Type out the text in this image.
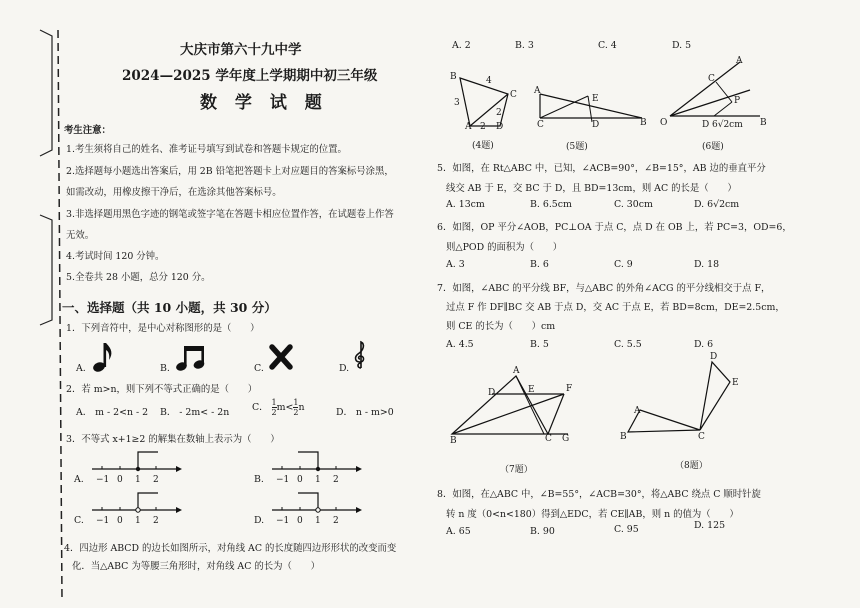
大庆市第六十九中学
2024—2025 学年度上学期期中初三年级
数 学 试 题
考生注意：
1.考生须将自己的姓名、准考证号填写到试卷和答题卡规定的位置。
2.选择题每小题选出答案后，用 2B 铅笔把答题卡上对应题目的答案标号涂黑，
如需改动，用橡皮擦干净后，在选涂其他答案标号。
3.非选择题用黑色字迹的钢笔或签字笔在答题卡相应位置作答，在试题卷上作答
无效。
4.考试时间 120 分钟。
5.全卷共 28 小题，总分 120 分。
一、选择题（共 10 小题，共 30 分）
1．下列音符中，是中心对称图形的是（　　）
A.	B.	C.	D.
2．若 m>n，则下列不等式正确的是（　　）
A． m - 2<n - 2 B． - 2m< - 2n C． $\frac{1}{2} m< \frac{1}{2}$ n	D． n - m>0
3．不等式 x+1≥2 的解集在数轴上表示为（　　）
A. −1 0 1 2	B. −1 0 1 2
C. −1 0 1 2	D. −1 0 1 2
4．四边形 ABCD 的边长如图所示，对角线 AC 的长度随四边形形状的改变而变
化．当△ABC 为等腰三角形时，对角线 AC 的长为（　　）
A. 2	B. 3	C. 4	D. 5
B	4
C
3
2
A 2 D
(4题)
A
E
C	D	B
(5题)
A
C
P
O	D 6√2cm B
(6题)
5．如图，在 Rt△ABC 中，已知，∠ACB=90°，∠B=15°，AB 边的垂直平分
线交 AB 于 E，交 BC 于 D，且 BD=13cm，则 AC 的长是（　　）
A. 13cm	B. 6.5cm	C. 30cm	D. 6√2cm
6．如图，OP 平分∠AOB，PC⊥OA 于点 C，点 D 在 OB 上，若 PC=3，OD=6，
则△POD 的面积为（　　）
A. 3	B. 6	C. 9	D. 18
7．如图，∠ABC 的平分线 BF，与△ABC 的外角∠ACG 的平分线相交于点 F，
过点 F 作 DF∥BC 交 AB 于点 D，交 AC 于点 E，若 BD=8cm，DE=2.5cm，
则 CE 的长为（　　）cm
A. 4.5	B. 5	C. 5.5	D. 6
A
D	E	F
B	C G
（7题）
D
E
A
B	C
（8题）
8．如图，在△ABC 中，∠B=55°，∠ACB=30°，将△ABC 绕点 C 顺时针旋
转 n 度（0<n<180）得到△EDC，若 CE∥AB，则 n 的值为（　　）
A. 65	B. 90	C. 95	D. 125
